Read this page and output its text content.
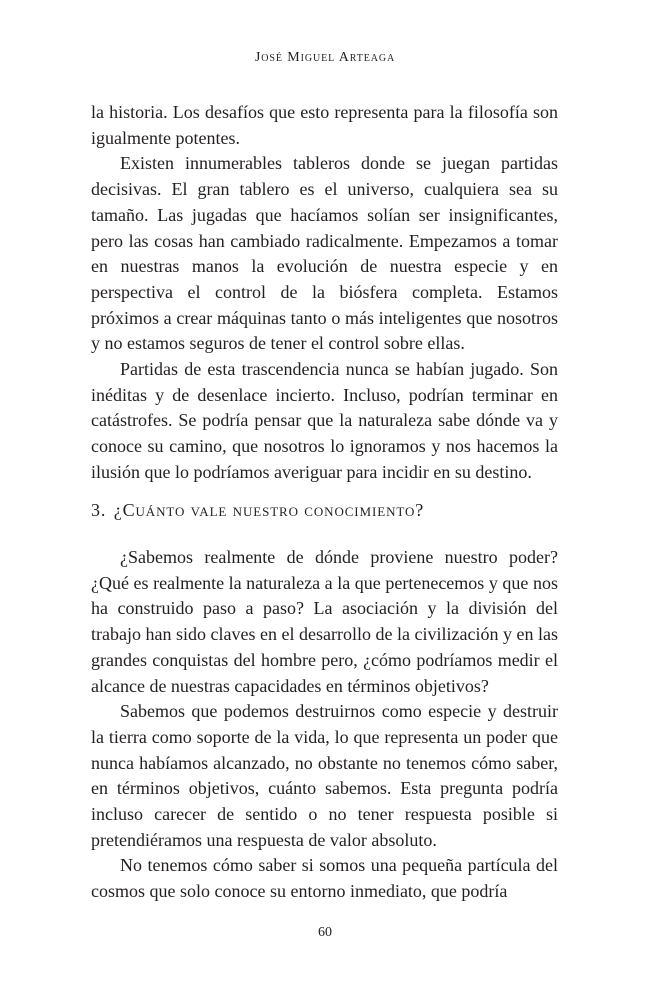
José Miguel Arteaga

la historia. Los desafíos que esto representa para la filosofía son igualmente potentes.

Existen innumerables tableros donde se juegan partidas decisivas. El gran tablero es el universo, cualquiera sea su tamaño. Las jugadas que hacíamos solían ser insignificantes, pero las cosas han cambiado radicalmente. Empezamos a tomar en nuestras manos la evolución de nuestra especie y en perspectiva el control de la biósfera completa. Estamos próximos a crear máquinas tanto o más inteligentes que nosotros y no estamos seguros de tener el control sobre ellas.

Partidas de esta trascendencia nunca se habían jugado. Son inéditas y de desenlace incierto. Incluso, podrían terminar en catástrofes. Se podría pensar que la naturaleza sabe dónde va y conoce su camino, que nosotros lo ignoramos y nos hacemos la ilusión que lo podríamos averiguar para incidir en su destino.

3. ¿Cuánto vale nuestro conocimiento?

¿Sabemos realmente de dónde proviene nuestro poder? ¿Qué es realmente la naturaleza a la que pertenecemos y que nos ha construido paso a paso? La asociación y la división del trabajo han sido claves en el desarrollo de la civilización y en las grandes conquistas del hombre pero, ¿cómo podríamos medir el alcance de nuestras capacidades en términos objetivos?

Sabemos que podemos destruirnos como especie y destruir la tierra como soporte de la vida, lo que representa un poder que nunca habíamos alcanzado, no obstante no tenemos cómo saber, en términos objetivos, cuánto sabemos. Esta pregunta podría incluso carecer de sentido o no tener respuesta posible si pretendiéramos una respuesta de valor absoluto.

No tenemos cómo saber si somos una pequeña partícula del cosmos que solo conoce su entorno inmediato, que podría

60
